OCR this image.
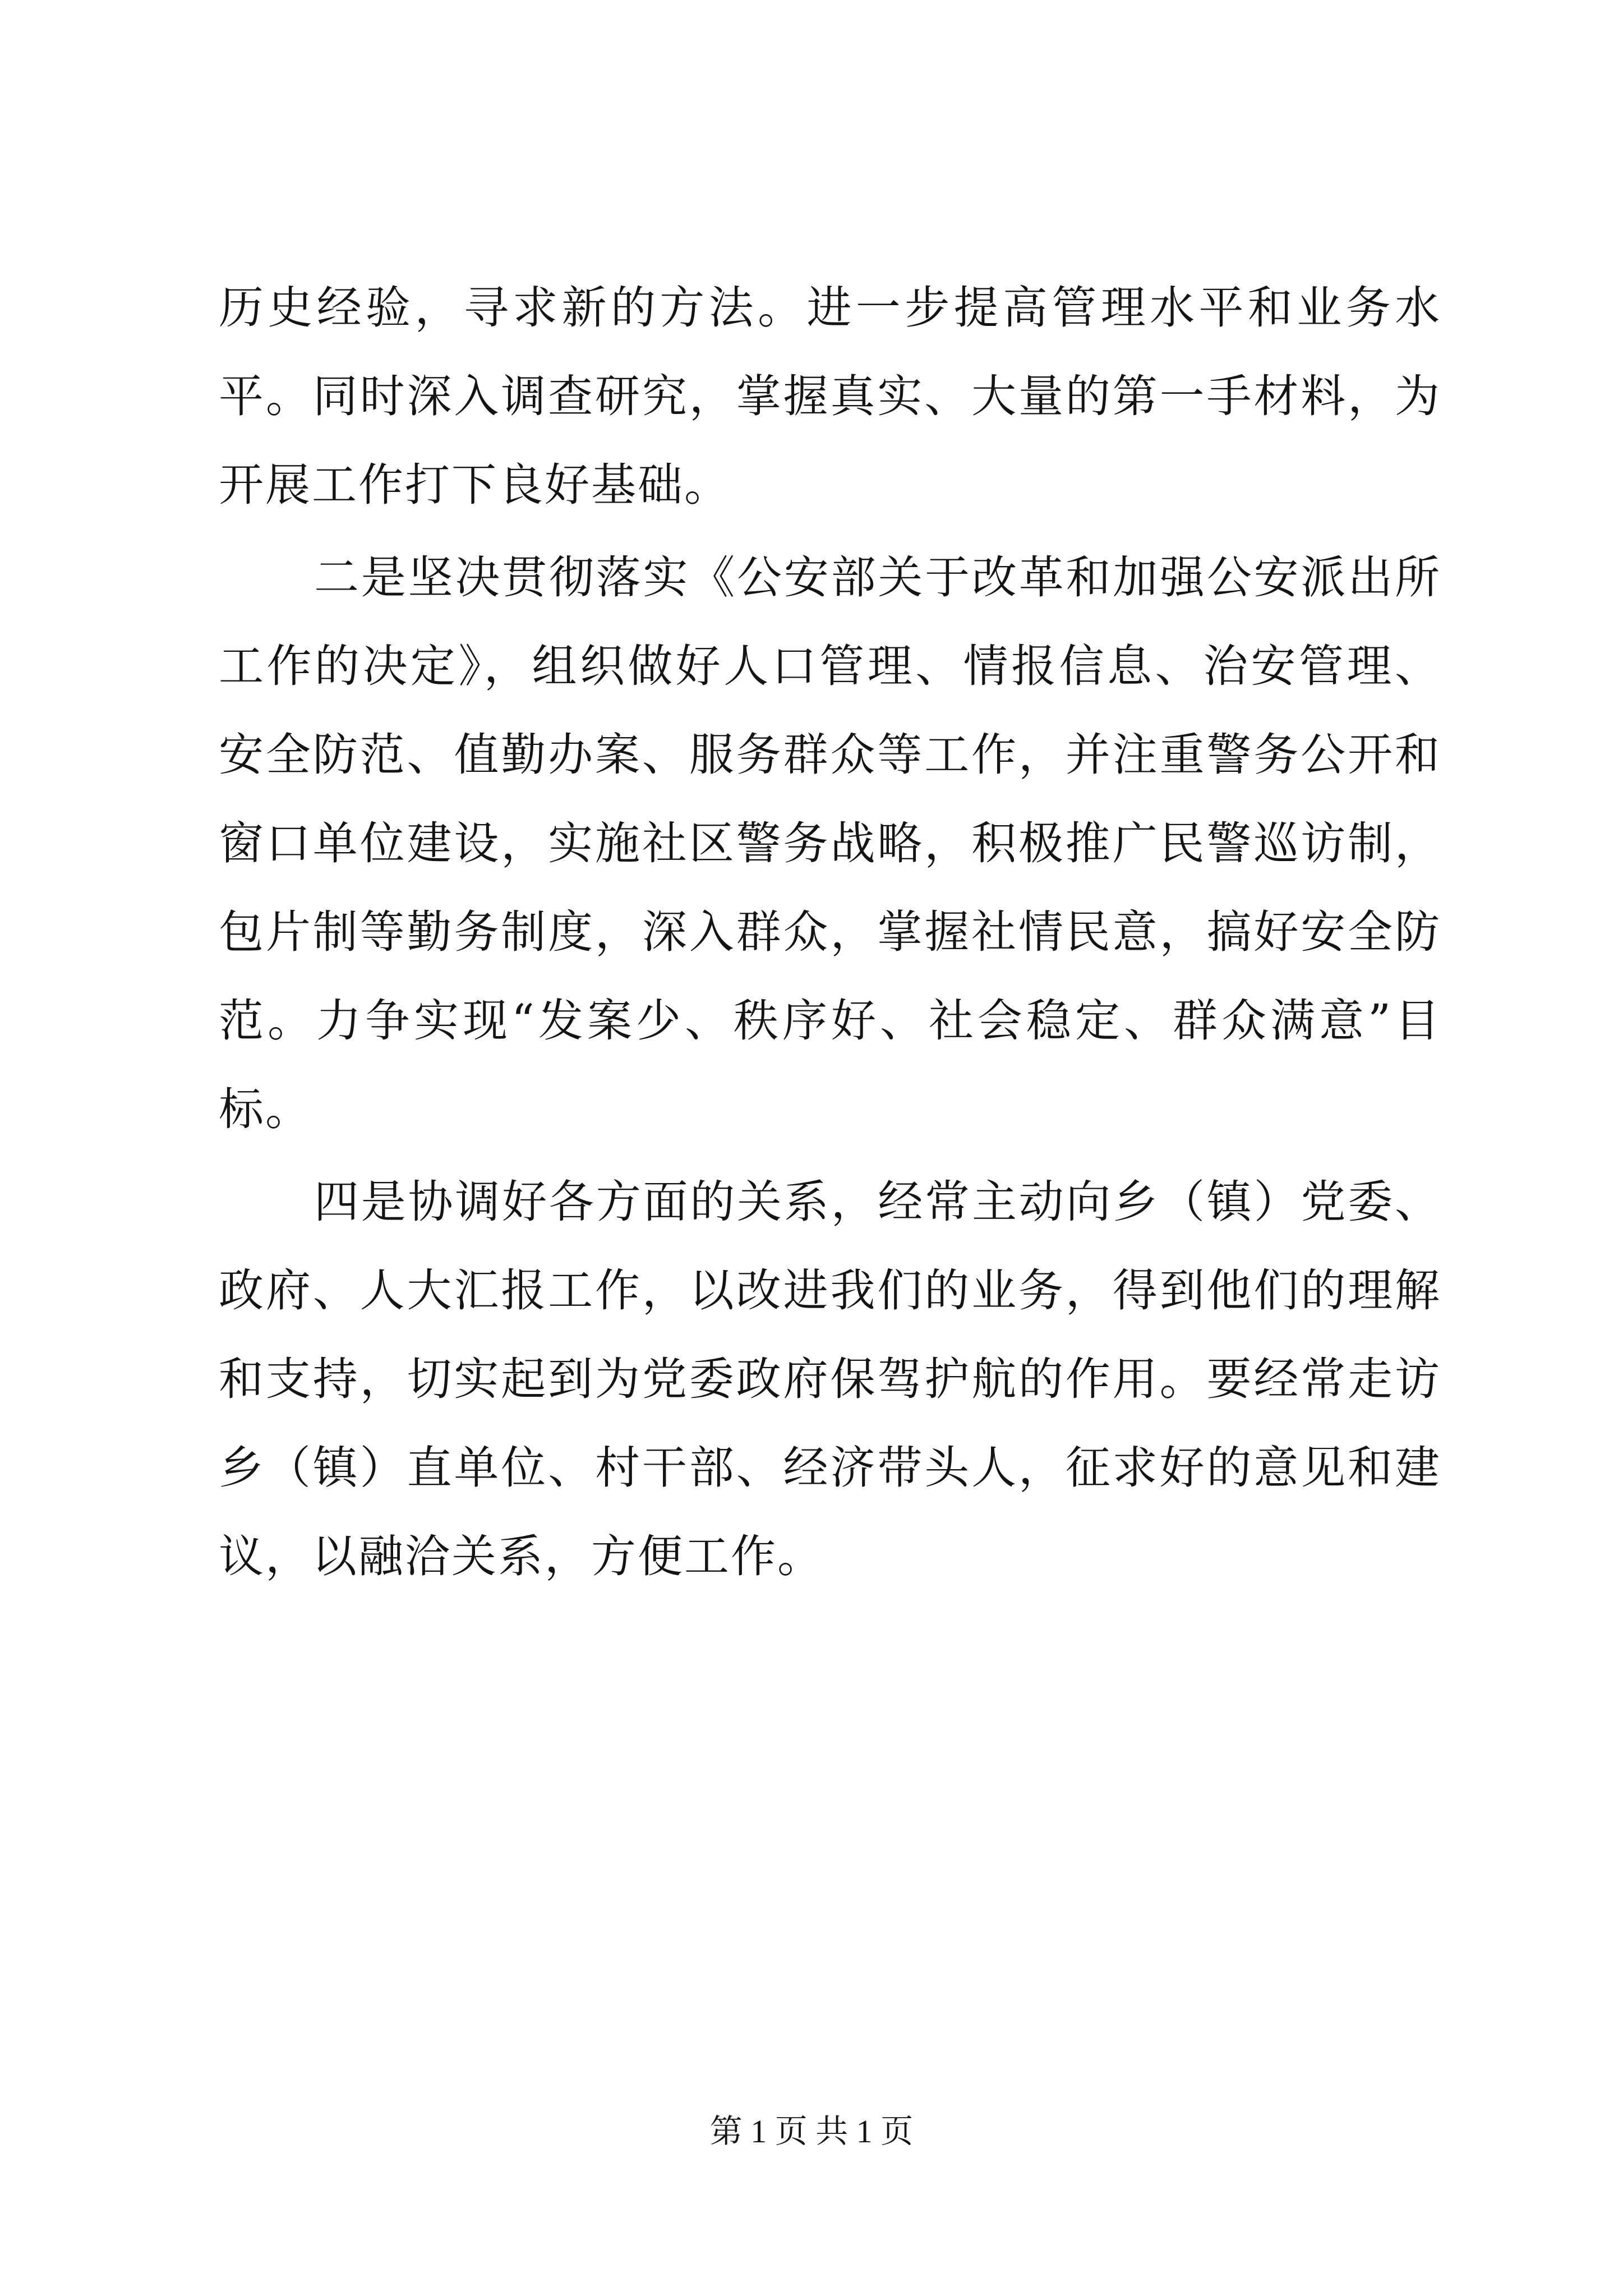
历史经验，寻求新的方法。进一步提高管理水平和业务水平。同时深入调查研究，掌握真实、大量的第一手材料，为开展工作打下良好基础。

二是坚决贯彻落实《公安部关于改革和加强公安派出所工作的决定》，组织做好人口管理、情报信息、治安管理、安全防范、值勤办案、服务群众等工作，并注重警务公开和窗口单位建设，实施社区警务战略，积极推广民警巡访制，包片制等勤务制度，深入群众，掌握社情民意，搞好安全防范。力争实现“发案少、秩序好、社会稳定、群众满意”目标。

四是协调好各方面的关系，经常主动向乡（镇）党委、政府、人大汇报工作，以改进我们的业务，得到他们的理解和支持，切实起到为党委政府保驾护航的作用。要经常走访乡（镇）直单位、村干部、经济带头人，征求好的意见和建议，以融洽关系，方便工作。

第 1 页 共 1 页
